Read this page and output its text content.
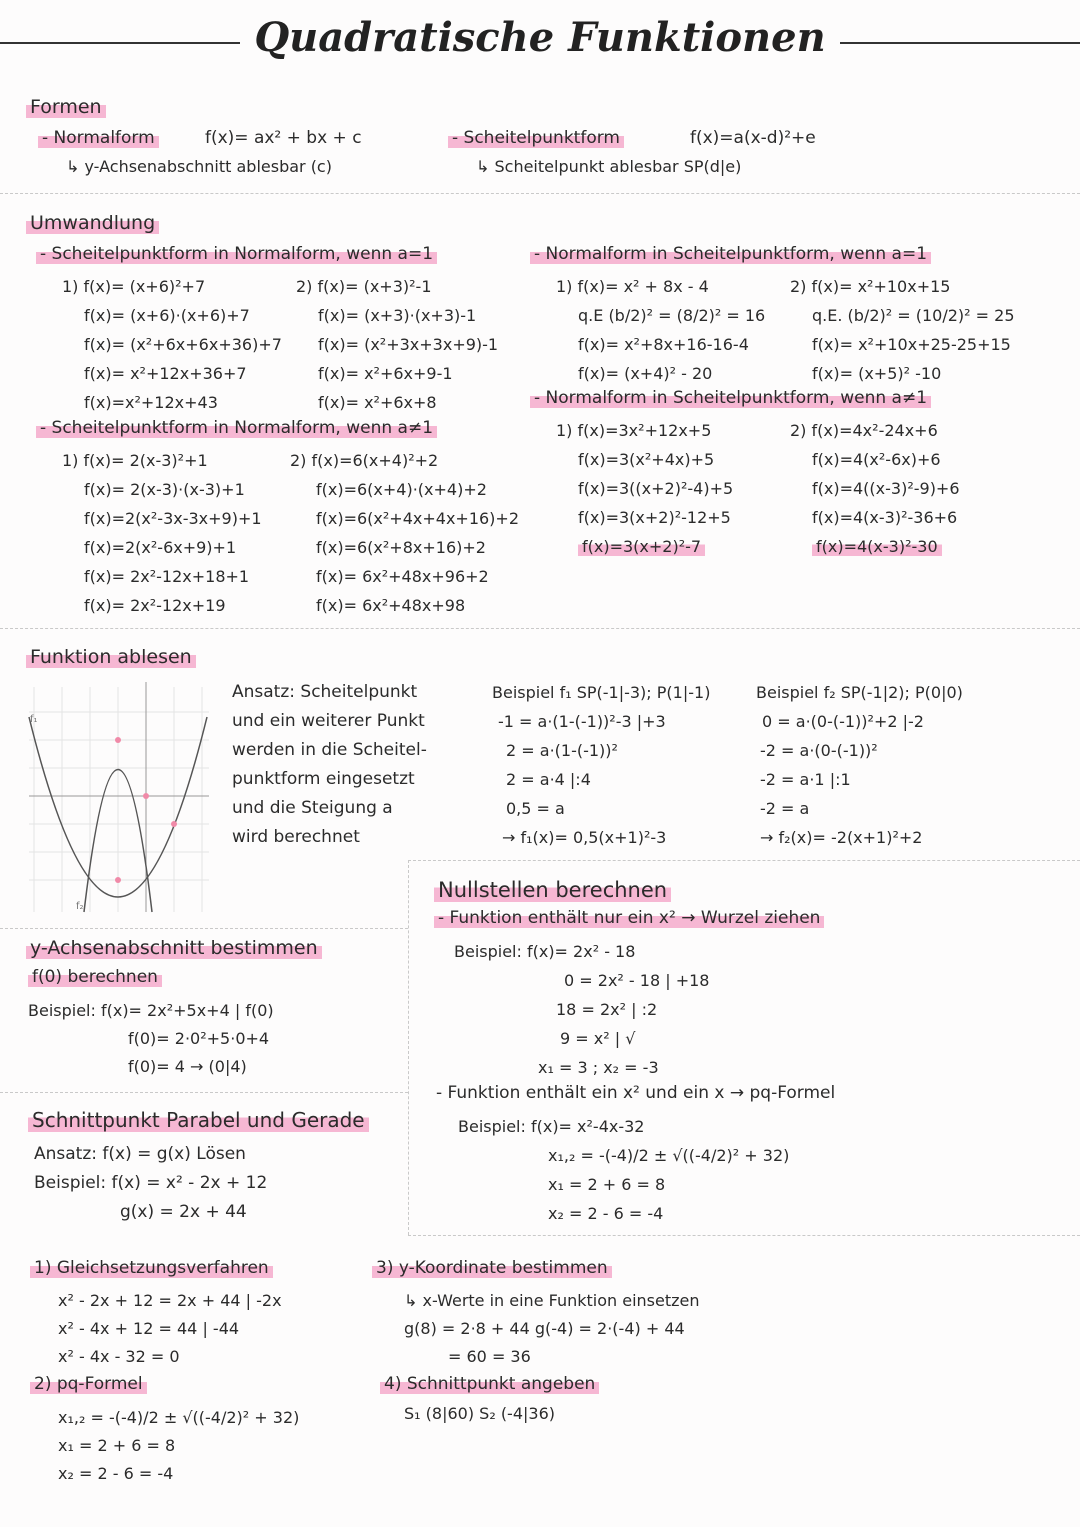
Quadratische Funktionen
Formen
- Normalform	f(x)= ax² + bx + c
↳ y-Achsenabschnitt ablesbar (c)
- Scheitelpunktform	f(x)=a(x-d)²+e
↳ Scheitelpunkt ablesbar SP(d|e)
Umwandlung
- Scheitelpunktform in Normalform, wenn a=1
1) f(x)= (x+6)²+7
f(x)= (x+6)·(x+6)+7
f(x)= (x²+6x+6x+36)+7
f(x)= x²+12x+36+7
f(x)=x²+12x+43
2) f(x)= (x+3)²-1
f(x)= (x+3)·(x+3)-1
f(x)= (x²+3x+3x+9)-1
f(x)= x²+6x+9-1
f(x)= x²+6x+8
- Scheitelpunktform in Normalform, wenn a≠1
1) f(x)= 2(x-3)²+1
f(x)= 2(x-3)·(x-3)+1
f(x)=2(x²-3x-3x+9)+1
f(x)=2(x²-6x+9)+1
f(x)= 2x²-12x+18+1
f(x)= 2x²-12x+19
2) f(x)=6(x+4)²+2
f(x)=6(x+4)·(x+4)+2
f(x)=6(x²+4x+4x+16)+2
f(x)=6(x²+8x+16)+2
f(x)= 6x²+48x+96+2
f(x)= 6x²+48x+98
- Normalform in Scheitelpunktform, wenn a=1
1) f(x)= x² + 8x - 4
q.E (b/2)² = (8/2)² = 16
f(x)= x²+8x+16-16-4
f(x)= (x+4)² - 20
2) f(x)= x²+10x+15
q.E. (b/2)² = (10/2)² = 25
f(x)= x²+10x+25-25+15
f(x)= (x+5)² -10
- Normalform in Scheitelpunktform, wenn a≠1
1) f(x)=3x²+12x+5
f(x)=3(x²+4x)+5
f(x)=3((x+2)²-4)+5
f(x)=3(x+2)²-12+5
f(x)=3(x+2)²-7
2) f(x)=4x²-24x+6
f(x)=4(x²-6x)+6
f(x)=4((x-3)²-9)+6
f(x)=4(x-3)²-36+6
f(x)=4(x-3)²-30
Funktion ablesen
f₁
f₂
Ansatz: Scheitelpunkt
und ein weiterer Punkt
werden in die Scheitel-
punktform eingesetzt
und die Steigung a
wird berechnet
Beispiel f₁ SP(-1|-3); P(1|-1)
-1 = a·(1-(-1))²-3 |+3
2 = a·(1-(-1))²
2 = a·4 |:4
0,5 = a
→ f₁(x)= 0,5(x+1)²-3
Beispiel f₂ SP(-1|2); P(0|0)
0 = a·(0-(-1))²+2 |-2
-2 = a·(0-(-1))²
-2 = a·1 |:1
-2 = a
→ f₂(x)= -2(x+1)²+2
Nullstellen berechnen
- Funktion enthält nur ein x² → Wurzel ziehen
Beispiel: f(x)= 2x² - 18
0 = 2x² - 18 | +18
18 = 2x² | :2
9 = x² | √
x₁ = 3 ; x₂ = -3
- Funktion enthält ein x² und ein x → pq-Formel
Beispiel: f(x)= x²-4x-32
x₁,₂ = -(-4)/2 ± √((-4/2)² + 32)
x₁ = 2 + 6 = 8
x₂ = 2 - 6 = -4
y-Achsenabschnitt bestimmen
f(0) berechnen
Beispiel: f(x)= 2x²+5x+4 | f(0)
f(0)= 2·0²+5·0+4
f(0)= 4 → (0|4)
Schnittpunkt Parabel und Gerade
Ansatz: f(x) = g(x) Lösen
Beispiel: f(x) = x² - 2x + 12
g(x) = 2x + 44
1) Gleichsetzungsverfahren
x² - 2x + 12 = 2x + 44 | -2x
x² - 4x + 12 = 44 | -44
x² - 4x - 32 = 0
2) pq-Formel
x₁,₂ = -(-4)/2 ± √((-4/2)² + 32)
x₁ = 2 + 6 = 8
x₂ = 2 - 6 = -4
3) y-Koordinate bestimmen
↳ x-Werte in eine Funktion einsetzen
g(8) = 2·8 + 44 g(-4) = 2·(-4) + 44
= 60 = 36
4) Schnittpunkt angeben
S₁ (8|60) S₂ (-4|36)
